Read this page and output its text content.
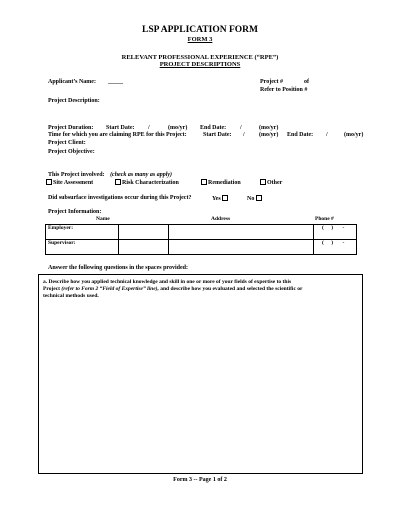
LSP APPLICATION FORM
FORM 3
RELEVANT PROFESSIONAL EXPERIENCE (“RPE”)
PROJECT DESCRIPTIONS
Applicant’s Name: _____	Project #	of
Refer to Position #
Project Description:
Project Duration: Start Date: /	(mo/yr) End Date: /	(mo/yr)
Time for which you are claiming RPE for this Project:	Start Date: / (mo/yr) End Date: /	(mo/yr)
Project Client:
Project Objective:
This Project involved: (check as many as apply)
Site Assessment	Risk Characterization	Remediation	Other
Did subsurface investigations occur during this Project?	Yes	No
Project Information:
Name	Address	Phone #
Employer:			( ) -
Supervisor:			( ) -
Answer the following questions in the spaces provided:
a. Describe how you applied technical knowledge and skill in one or more of your fields of expertise to this
Project (refer to Form 2 “Field of Expertise” line), and describe how you evaluated and selected the scientific or
technical methods used.
Form 3 -- Page 1 of 2
